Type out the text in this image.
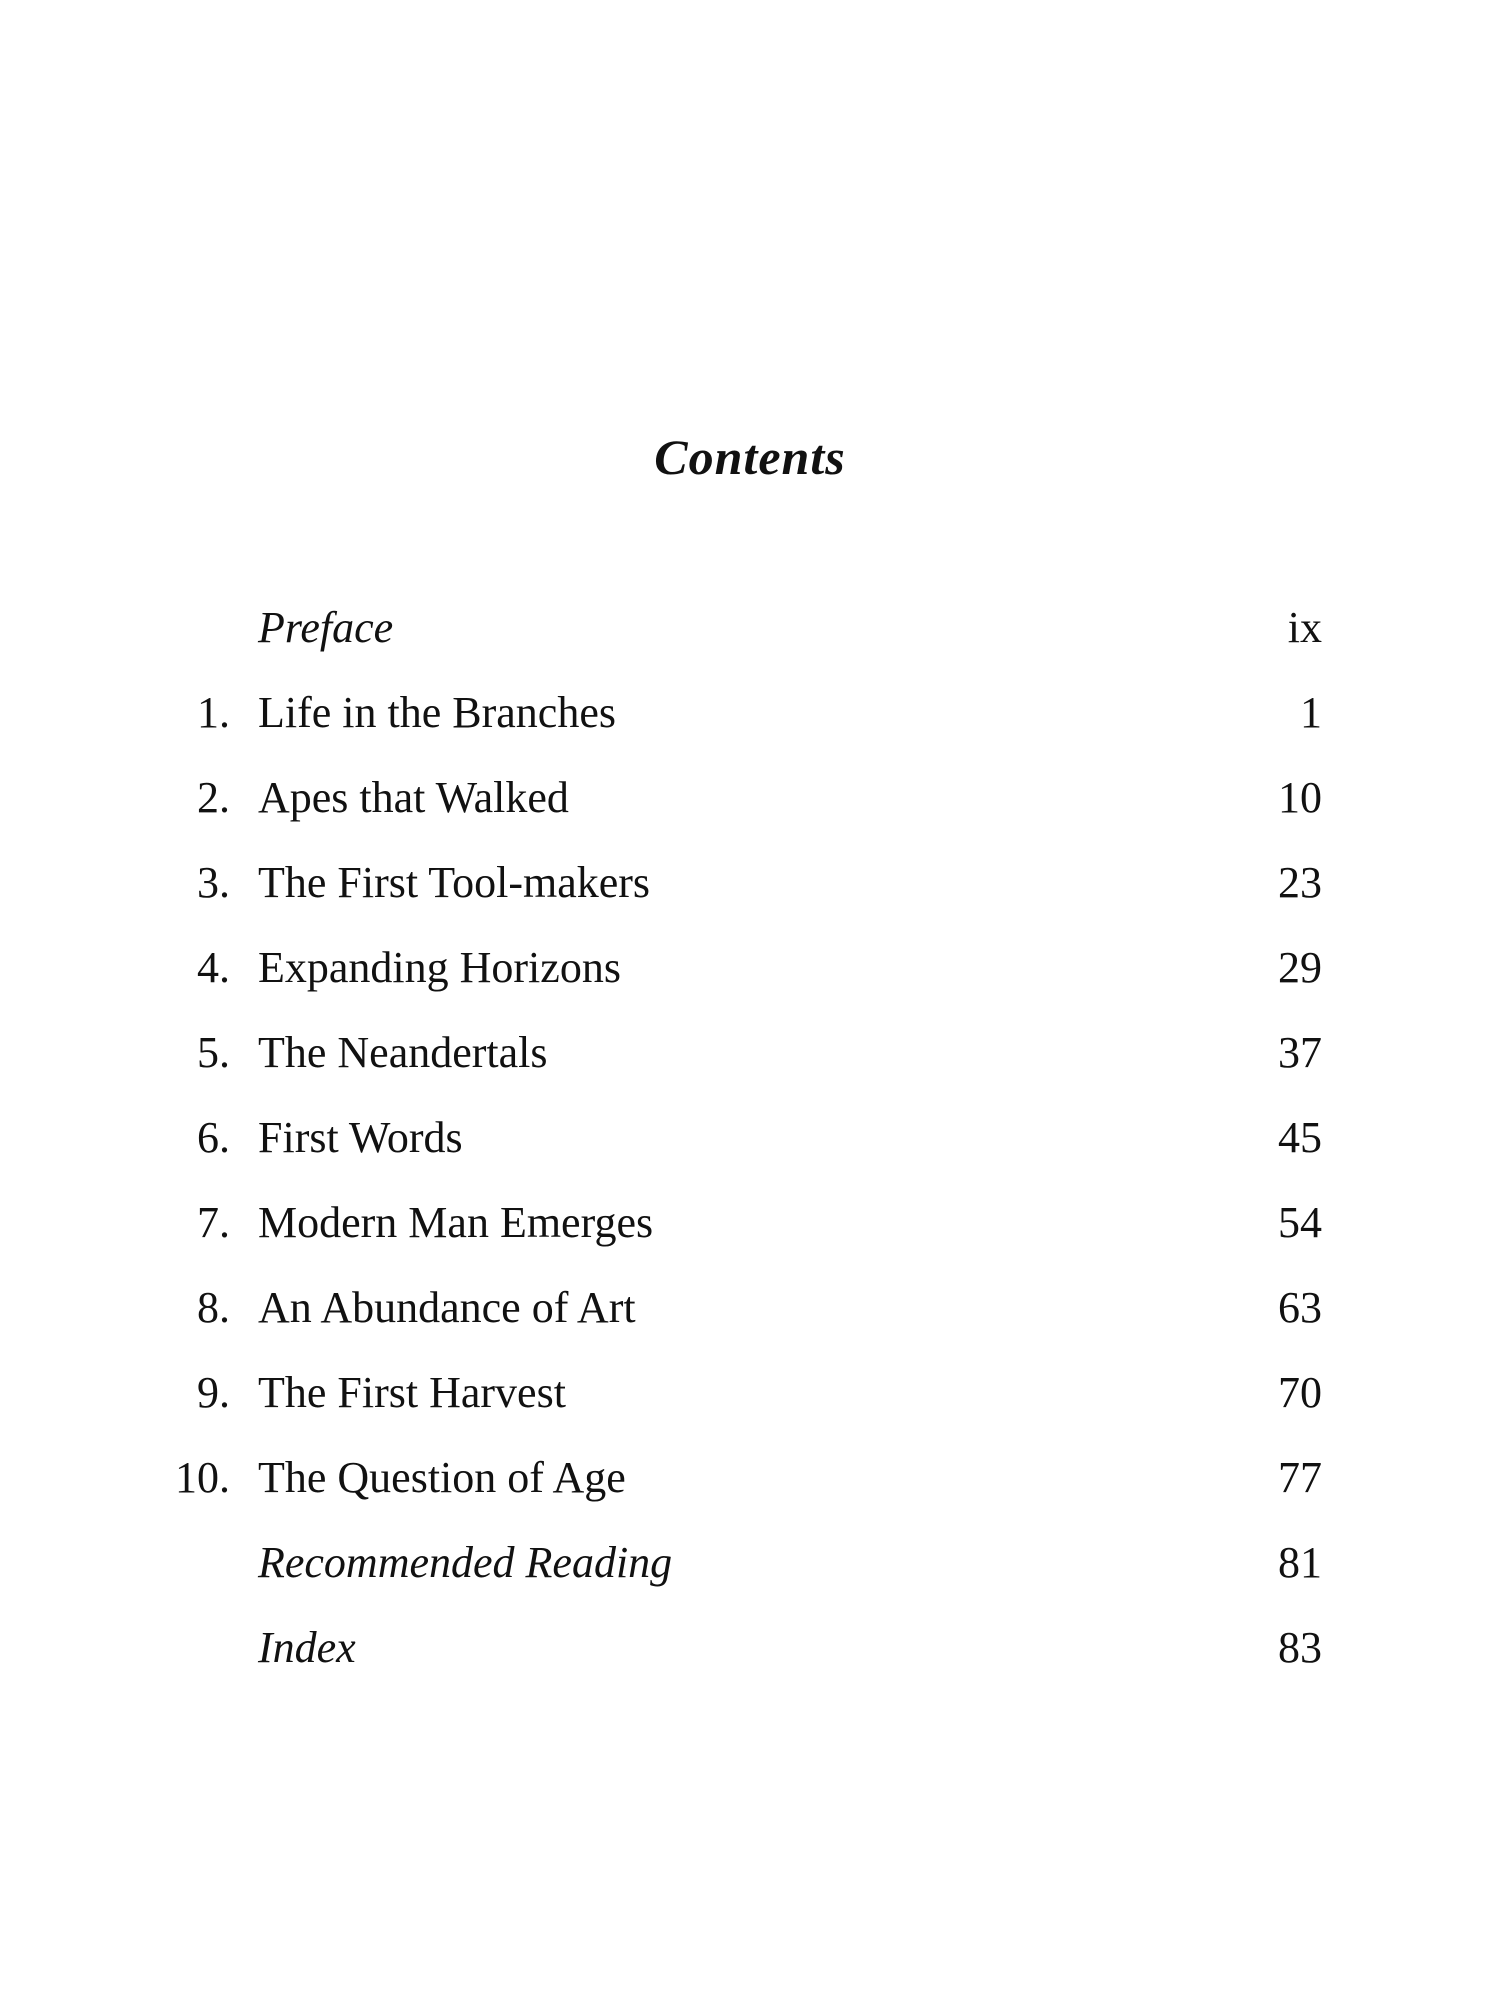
Contents
Preface	ix
1. Life in the Branches	1
2. Apes that Walked	10
3. The First Tool-makers	23
4. Expanding Horizons	29
5. The Neandertals	37
6. First Words	45
7. Modern Man Emerges	54
8. An Abundance of Art	63
9. The First Harvest	70
10. The Question of Age	77
Recommended Reading	81
Index	83
